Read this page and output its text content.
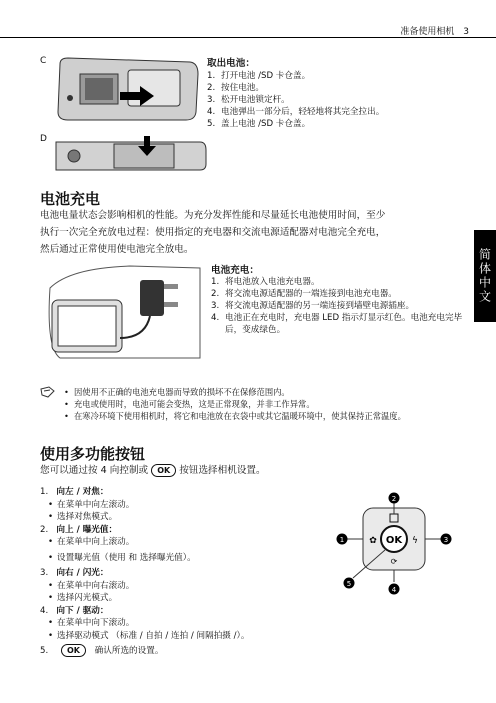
准备使用相机 3
简体中文
C
D
取出电池：
1. 打开电池 /SD 卡仓盖。
2. 按住电池。
3. 松开电池锁定杆。
4. 电池弹出一部分后，轻轻地将其完全拉出。
5. 盖上电池 /SD 卡仓盖。
电池充电
电池电量状态会影响相机的性能。为充分发挥性能和尽量延长电池使用时间，至少
执行一次完全充放电过程：使用指定的充电器和交流电源适配器对电池完全充电，
然后通过正常使用使电池完全放电。
电池充电：
1. 将电池放入电池充电器。
2. 将交流电源适配器的一端连接到电池充电器。
3. 将交流电源适配器的另一端连接到墙壁电源插座。
4. 电池正在充电时，充电器 LED 指示灯显示红色。电池充电完毕后，变成绿色。
• 因使用不正确的电池充电器而导致的损坏不在保修范围内。
• 充电或使用时，电池可能会变热，这是正常现象，并非工作异常。
• 在寒冷环境下使用相机时，将它和电池放在衣袋中或其它温暖环境中，使其保持正常温度。
使用多功能按钮
您可以通过按 4 向控制或 OK 按钮选择相机设置。
1. 向左 / 对焦：
• 在菜单中向左滚动。
• 选择对焦模式。
2. 向上 / 曝光值：
• 在菜单中向上滚动。
• 设置曝光值（使用 和 选择曝光值）。
3. 向右 / 闪光：
• 在菜单中向右滚动。
• 选择闪光模式。
4. 向下 / 驱动：
• 在菜单中向下滚动。
• 选择驱动模式 （标准 / 自拍 / 连拍 / 间隔拍摄 /）。
5. OK 确认所选的设置。
OK
✿	ϟ
⟳
2
1	3
4
5
